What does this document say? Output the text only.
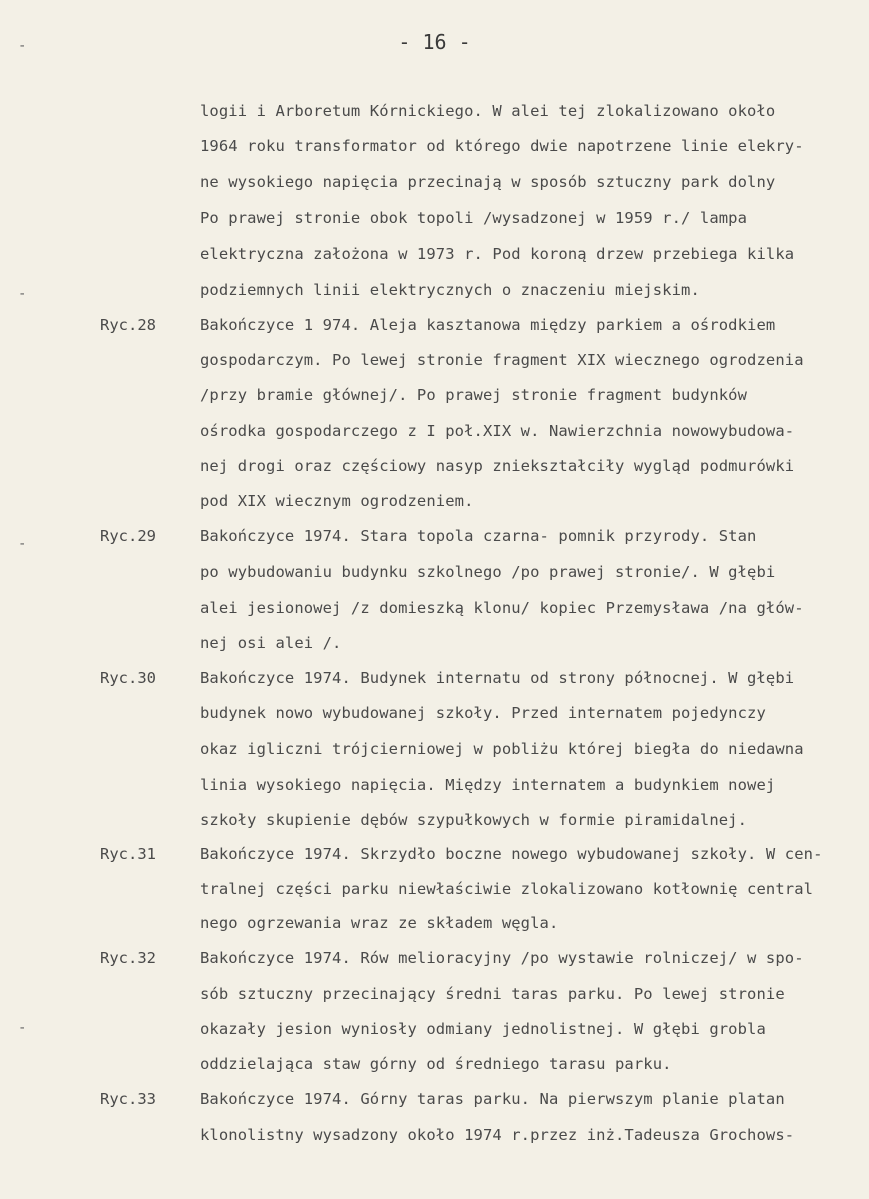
-
-
-
-
- 16 -
logii i Arboretum Kórnickiego. W alei tej zlokalizowano około
1964 roku transformator od którego dwie napotrzene linie elekry-
ne wysokiego napięcia przecinają w sposób sztuczny park dolny
Po prawej stronie obok topoli /wysadzonej w 1959 r./ lampa
elektryczna założona w 1973 r. Pod koroną drzew przebiega kilka
podziemnych linii elektrycznych o znaczeniu miejskim.
Ryc.28	Bakończyce 1 974. Aleja kasztanowa między parkiem a ośrodkiem
gospodarczym. Po lewej stronie fragment XIX wiecznego ogrodzenia
/przy bramie głównej/. Po prawej stronie fragment budynków
ośrodka gospodarczego z I poł.XIX w. Nawierzchnia nowowybudowa-
nej drogi oraz częściowy nasyp zniekształciły wygląd podmurówki
pod XIX wiecznym ogrodzeniem.
Ryc.29	Bakończyce 1974. Stara topola czarna- pomnik przyrody. Stan
po wybudowaniu budynku szkolnego /po prawej stronie/. W głębi
alei jesionowej /z domieszką klonu/ kopiec Przemysława /na głów-
nej osi alei /.
Ryc.30	Bakończyce 1974. Budynek internatu od strony północnej. W głębi
budynek nowo wybudowanej szkoły. Przed internatem pojedynczy
okaz igliczni trójcierniowej w pobliżu której biegła do niedawna
linia wysokiego napięcia. Między internatem a budynkiem nowej
szkoły skupienie dębów szypułkowych w formie piramidalnej.
Ryc.31	Bakończyce 1974. Skrzydło boczne nowego wybudowanej szkoły. W cen-
tralnej części parku niewłaściwie zlokalizowano kotłownię central
nego ogrzewania wraz ze składem węgla.
Ryc.32	Bakończyce 1974. Rów melioracyjny /po wystawie rolniczej/ w spo-
sób sztuczny przecinający średni taras parku. Po lewej stronie
okazały jesion wyniosły odmiany jednolistnej. W głębi grobla
oddzielająca staw górny od średniego tarasu parku.
Ryc.33	Bakończyce 1974. Górny taras parku. Na pierwszym planie platan
klonolistny wysadzony około 1974 r.przez inż.Tadeusza Grochows-
